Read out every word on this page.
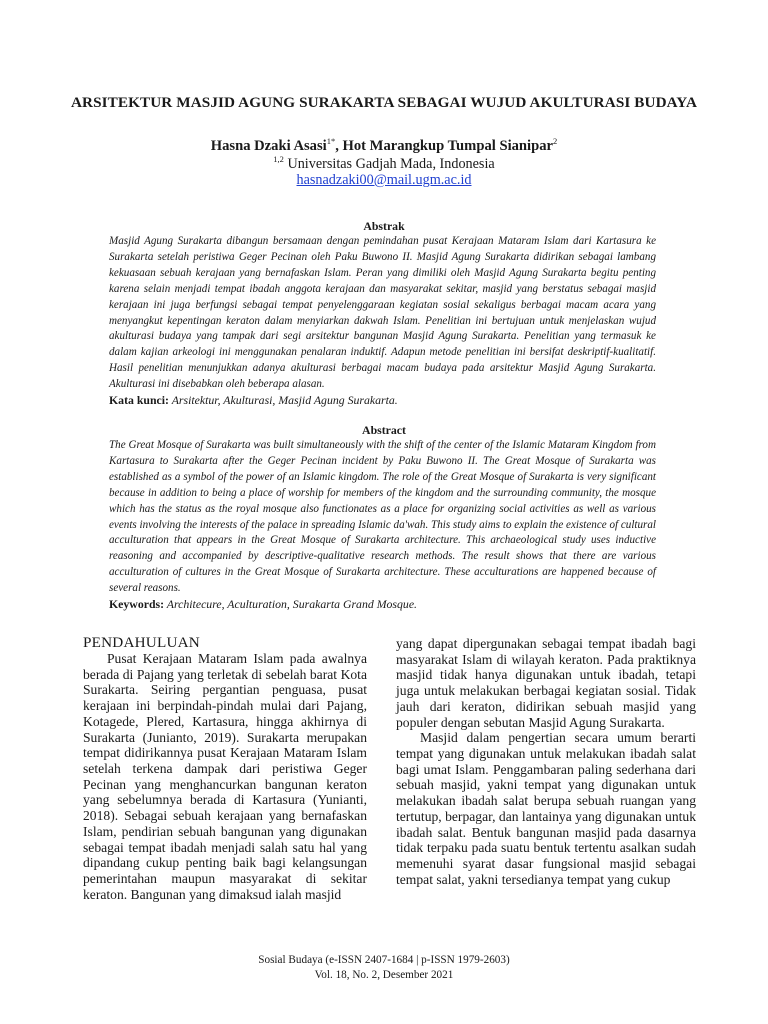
ARSITEKTUR MASJID AGUNG SURAKARTA SEBAGAI WUJUD AKULTURASI BUDAYA
Hasna Dzaki Asasi$^{1*}$, Hot Marangkup Tumpal Sianipar$^2$
$^{1,2}$ Universitas Gadjah Mada, Indonesia
hasnadzaki00@mail.ugm.ac.id
Abstrak
Masjid Agung Surakarta dibangun bersamaan dengan pemindahan pusat Kerajaan Mataram Islam dari Kartasura ke Surakarta setelah peristiwa Geger Pecinan oleh Paku Buwono II. Masjid Agung Surakarta didirikan sebagai lambang kekuasaan sebuah kerajaan yang bernafaskan Islam. Peran yang dimiliki oleh Masjid Agung Surakarta begitu penting karena selain menjadi tempat ibadah anggota kerajaan dan masyarakat sekitar, masjid yang berstatus sebagai masjid kerajaan ini juga berfungsi sebagai tempat penyelenggaraan kegiatan sosial sekaligus berbagai macam acara yang menyangkut kepentingan keraton dalam menyiarkan dakwah Islam. Penelitian ini bertujuan untuk menjelaskan wujud akulturasi budaya yang tampak dari segi arsitektur bangunan Masjid Agung Surakarta. Penelitian yang termasuk ke dalam kajian arkeologi ini menggunakan penalaran induktif. Adapun metode penelitian ini bersifat deskriptif-kualitatif. Hasil penelitian menunjukkan adanya akulturasi berbagai macam budaya pada arsitektur Masjid Agung Surakarta. Akulturasi ini disebabkan oleh beberapa alasan.
Kata kunci: Arsitektur, Akulturasi, Masjid Agung Surakarta.
Abstract
The Great Mosque of Surakarta was built simultaneously with the shift of the center of the Islamic Mataram Kingdom from Kartasura to Surakarta after the Geger Pecinan incident by Paku Buwono II. The Great Mosque of Surakarta was established as a symbol of the power of an Islamic kingdom. The role of the Great Mosque of Surakarta is very significant because in addition to being a place of worship for members of the kingdom and the surrounding community, the mosque which has the status as the royal mosque also functionates as a place for organizing social activities as well as various events involving the interests of the palace in spreading Islamic da'wah. This study aims to explain the existence of cultural acculturation that appears in the Great Mosque of Surakarta architecture. This archaeological study uses inductive reasoning and accompanied by descriptive-qualitative research methods. The result shows that there are various acculturation of cultures in the Great Mosque of Surakarta architecture. These acculturations are happened because of several reasons.
Keywords: Architecure, Aculturation, Surakarta Grand Mosque.
PENDAHULUAN

Pusat Kerajaan Mataram Islam pada awalnya berada di Pajang yang terletak di sebelah barat Kota Surakarta. Seiring pergantian penguasa, pusat kerajaan ini berpindah-pindah mulai dari Pajang, Kotagede, Plered, Kartasura, hingga akhirnya di Surakarta (Junianto, 2019). Surakarta merupakan tempat didirikannya pusat Kerajaan Mataram Islam setelah terkena dampak dari peristiwa Geger Pecinan yang menghancurkan bangunan keraton yang sebelumnya berada di Kartasura (Yunianti, 2018). Sebagai sebuah kerajaan yang bernafaskan Islam, pendirian sebuah bangunan yang digunakan sebagai tempat ibadah menjadi salah satu hal yang dipandang cukup penting baik bagi kelangsungan pemerintahan maupun masyarakat di sekitar keraton. Bangunan yang dimaksud ialah masjid

yang dapat dipergunakan sebagai tempat ibadah bagi masyarakat Islam di wilayah keraton. Pada praktiknya masjid tidak hanya digunakan untuk ibadah, tetapi juga untuk melakukan berbagai kegiatan sosial. Tidak jauh dari keraton, didirikan sebuah masjid yang populer dengan sebutan Masjid Agung Surakarta.

Masjid dalam pengertian secara umum berarti tempat yang digunakan untuk melakukan ibadah salat bagi umat Islam. Penggambaran paling sederhana dari sebuah masjid, yakni tempat yang digunakan untuk melakukan ibadah salat berupa sebuah ruangan yang tertutup, berpagar, dan lantainya yang digunakan untuk ibadah salat. Bentuk bangunan masjid pada dasarnya tidak terpaku pada suatu bentuk tertentu asalkan sudah memenuhi syarat dasar fungsional masjid sebagai tempat salat, yakni tersedianya tempat yang cukup

Sosial Budaya (e-ISSN 2407-1684 | p-ISSN 1979-2603)
Vol. 18, No. 2, Desember 2021
